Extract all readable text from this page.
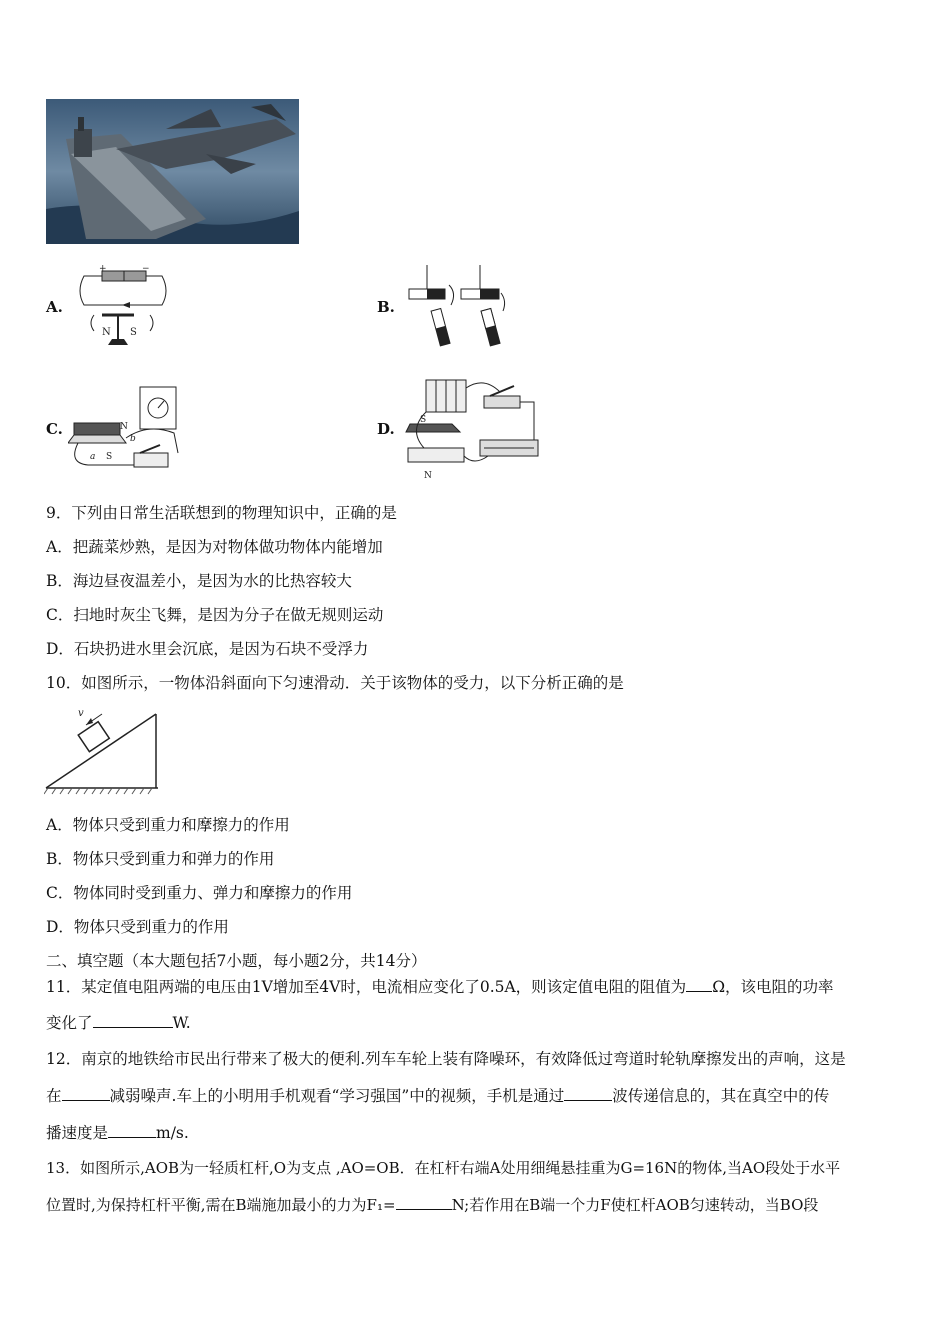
A.
+	−
N S
B.
C.	N
S
a
b
D.	S
N
9．下列由日常生活联想到的物理知识中，正确的是
A．把蔬菜炒熟，是因为对物体做功物体内能增加
B．海边昼夜温差小，是因为水的比热容较大
C．扫地时灰尘飞舞，是因为分子在做无规则运动
D．石块扔进水里会沉底，是因为石块不受浮力
10．如图所示，一物体沿斜面向下匀速滑动．关于该物体的受力，以下分析正确的是
v
A．物体只受到重力和摩擦力的作用
B．物体只受到重力和弹力的作用
C．物体同时受到重力、弹力和摩擦力的作用
D．物体只受到重力的作用
二、填空题（本大题包括7小题，每小题2分，共14分）
11．某定值电阻两端的电压由1V增加至4V时，电流相应变化了0.5A，则该定值电阻的阻值为 Ω，该电阻的功率
变化了	W.
12．南京的地铁给市民出行带来了极大的便利.列车车轮上装有降噪环，有效降低过弯道时轮轨摩擦发出的声响，这是
在	减弱噪声.车上的小明用手机观看“学习强国”中的视频，手机是通过	波传递信息的，其在真空中的传
播速度是	m/s.
13．如图所示,AOB为一轻质杠杆,O为支点 ,AO=OB．在杠杆右端A处用细绳悬挂重为G=16N的物体,当AO段处于水平
位置时,为保持杠杆平衡,需在B端施加最小的力为F₁=	N;若作用在B端一个力F使杠杆AOB匀速转动，当BO段
